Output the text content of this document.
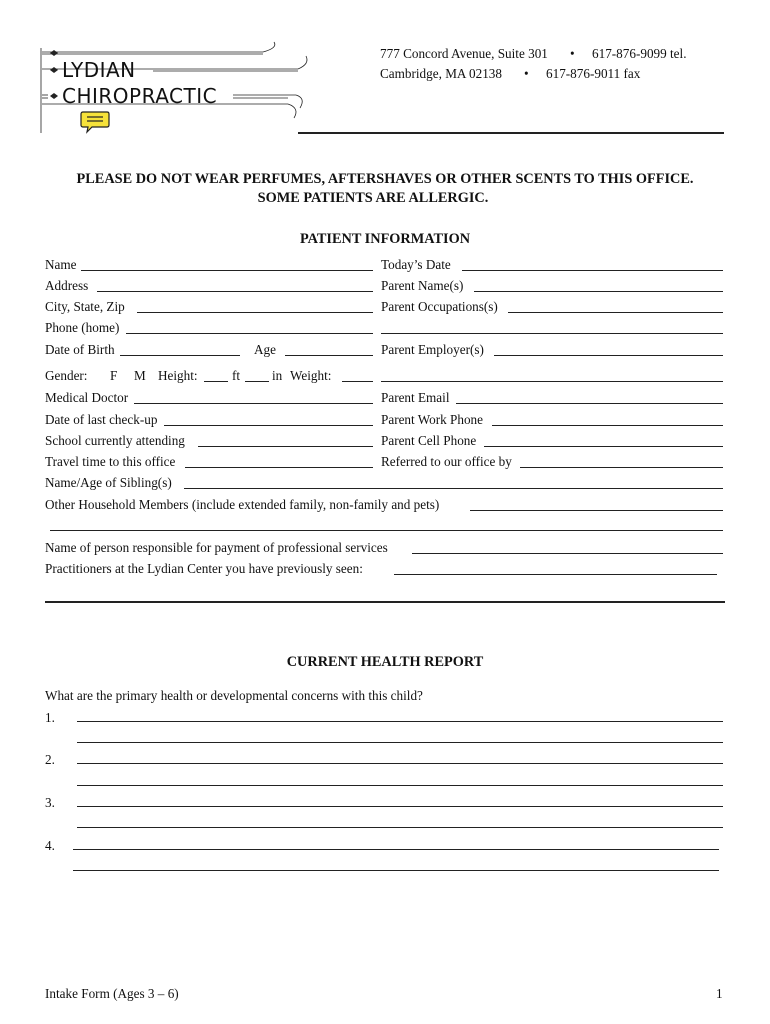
LYDIAN
CHIROPRACTIC
777 Concord Avenue, Suite 301 • 617-876-9099 tel.
Cambridge, MA 02138 • 617-876-9011 fax
PLEASE DO NOT WEAR PERFUMES, AFTERSHAVES OR OTHER SCENTS TO THIS OFFICE.
SOME PATIENTS ARE ALLERGIC.
PATIENT INFORMATION
Name	Today’s Date
Address	Parent Name(s)
City, State, Zip	Parent Occupations(s)
Phone (home)
Date of Birth	Age	Parent Employer(s)
Gender: F M Height:	ft in Weight:
Medical Doctor	Parent Email
Date of last check-up	Parent Work Phone
School currently attending	Parent Cell Phone
Travel time to this office	Referred to our office by
Name/Age of Sibling(s)
Other Household Members (include extended family, non-family and pets)
Name of person responsible for payment of professional services
Practitioners at the Lydian Center you have previously seen:
CURRENT HEALTH REPORT
What are the primary health or developmental concerns with this child?
1.
2.
3.
4.
Intake Form (Ages 3 – 6)	1
